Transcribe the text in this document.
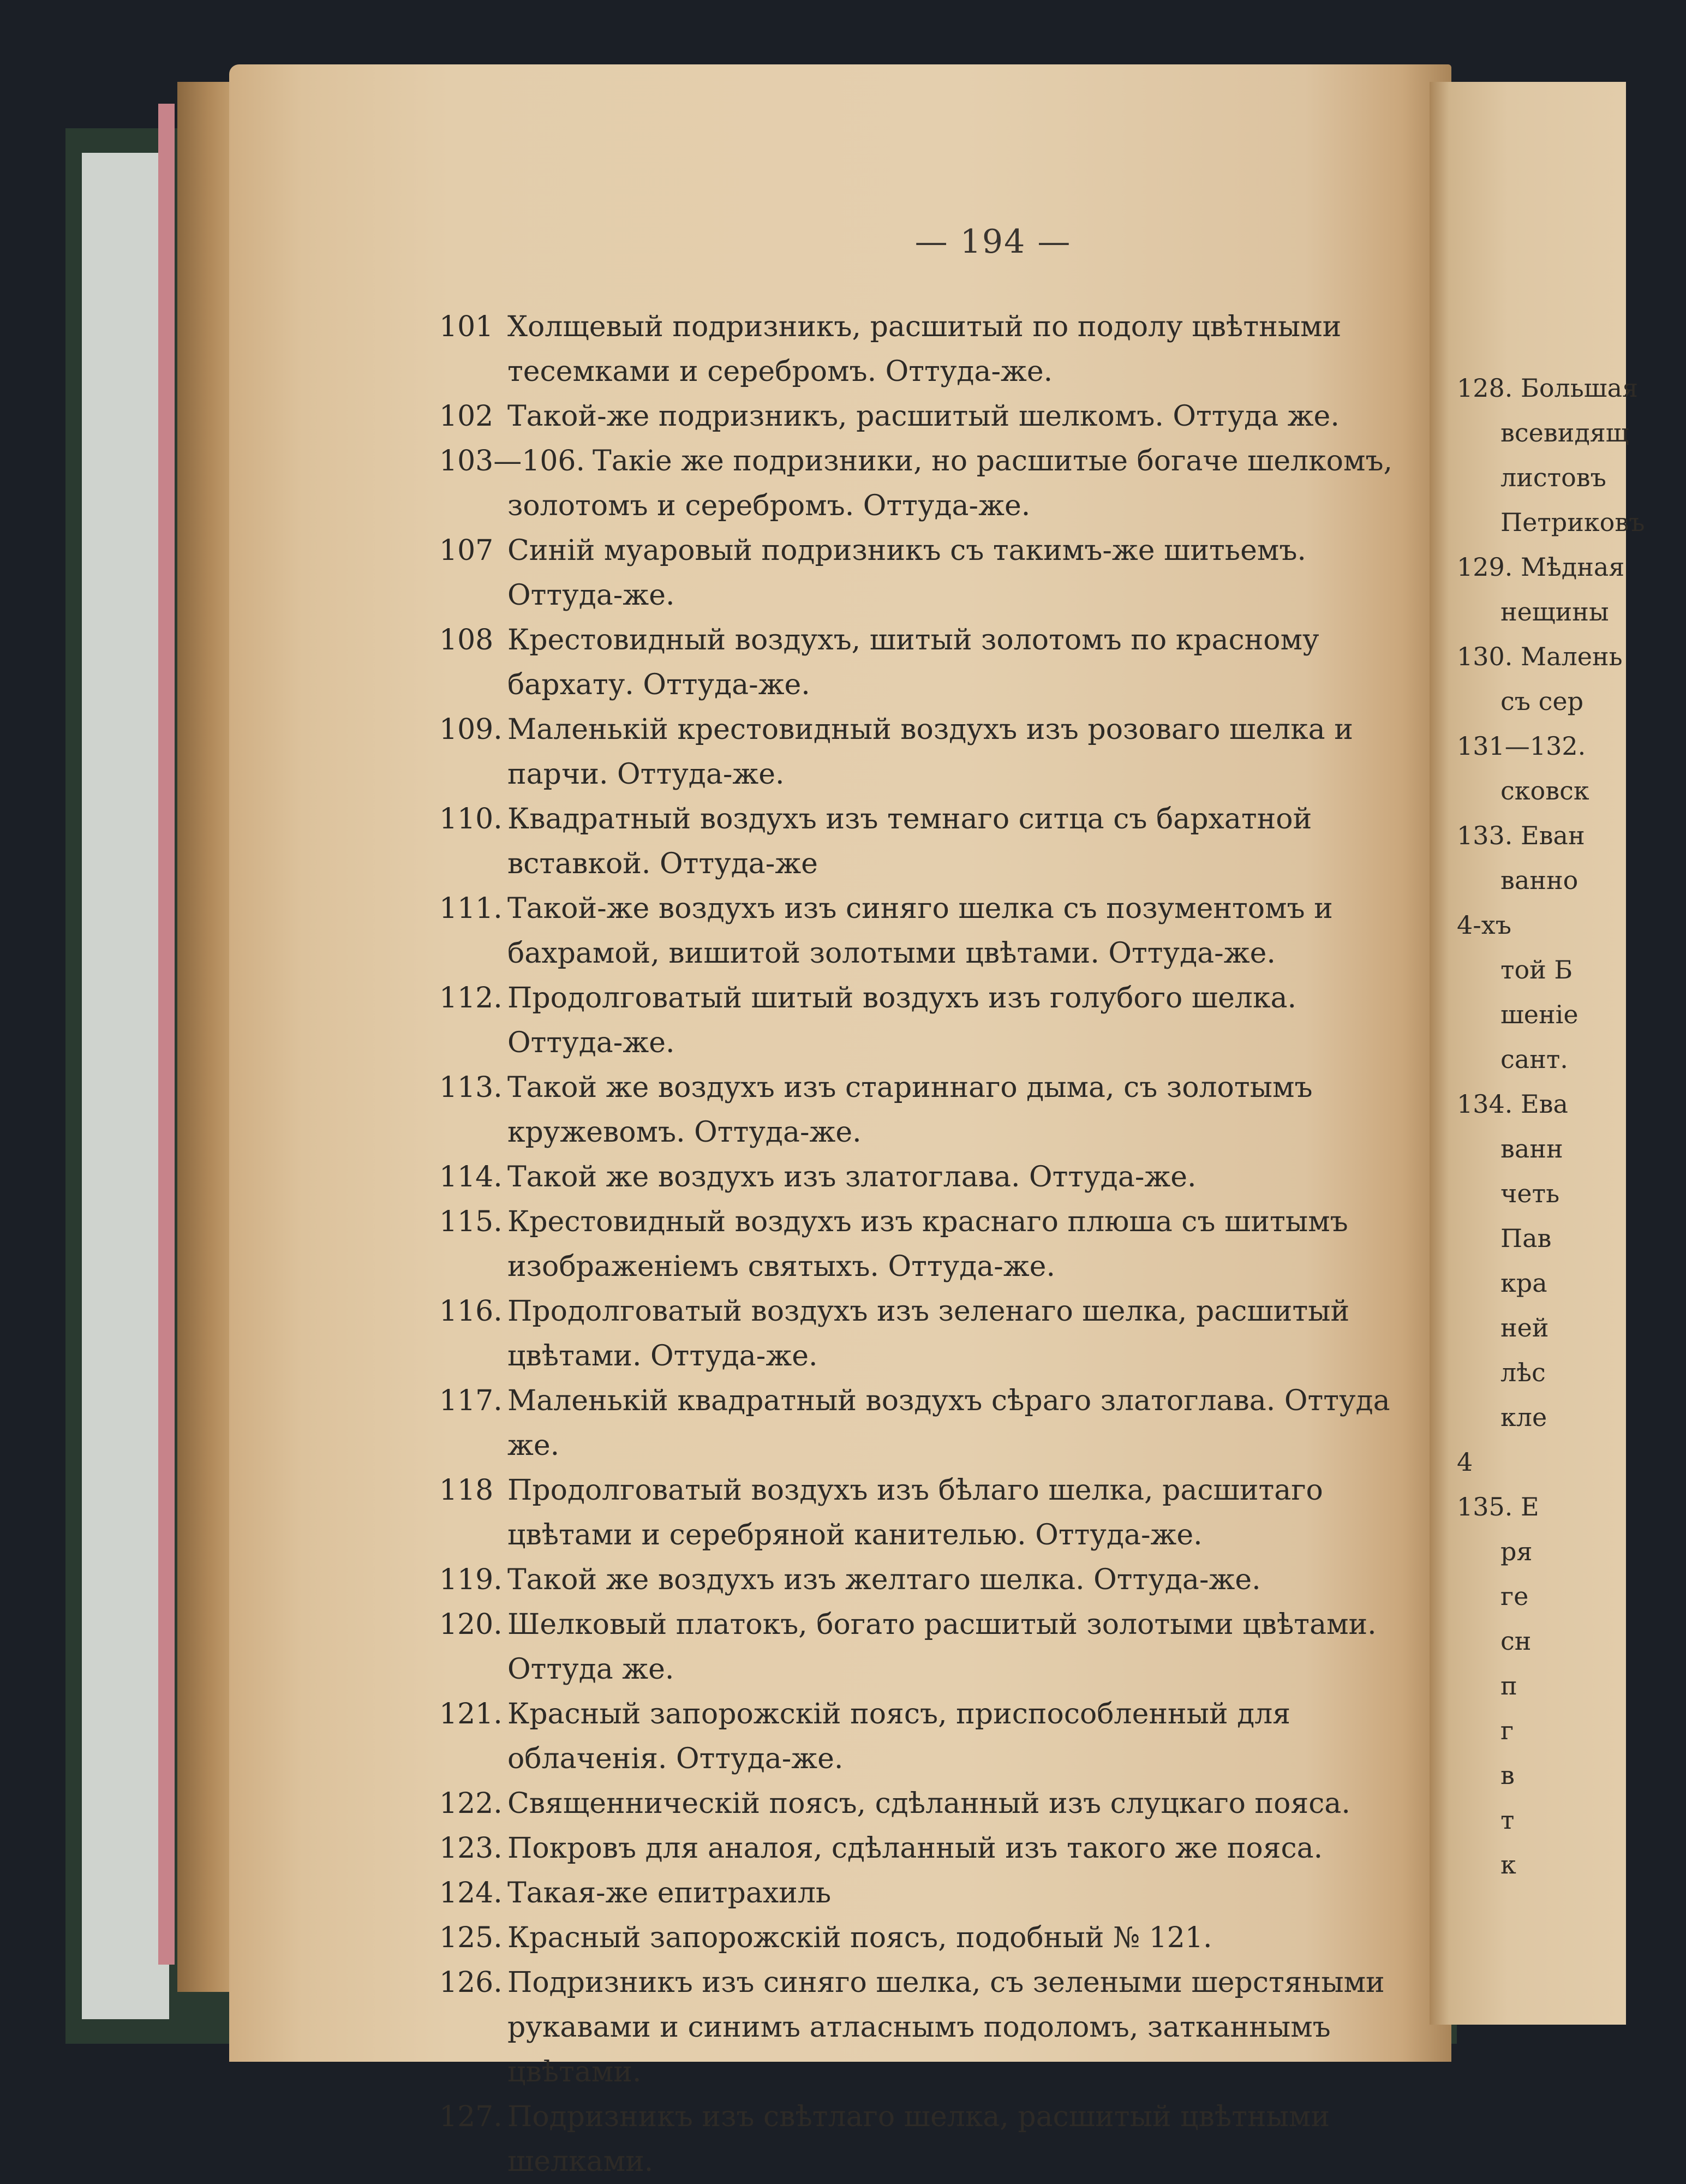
— 194 —
101 Холщевый подризникъ, расшитый по подолу цвѣтными тесемками и серебромъ. Оттуда-же.
102 Такой-же подризникъ, расшитый шелкомъ. Оттуда же.
103—106. Такіе же подризники, но расшитые богаче шелкомъ, золотомъ и серебромъ. Оттуда-же.
107 Синій муаровый подризникъ съ такимъ-же шитьемъ. Оттуда-же.
108 Крестовидный воздухъ, шитый золотомъ по красному бархату. Оттуда-же.
109. Маленькій крестовидный воздухъ изъ розоваго шелка и парчи. Оттуда-же.
110. Квадратный воздухъ изъ темнаго ситца съ бархатной вставкой. Оттуда-же
111. Такой-же воздухъ изъ синяго шелка съ позументомъ и бахрамой, вишитой золотыми цвѣтами. Оттуда-же.
112. Продолговатый шитый воздухъ изъ голубого шелка. Оттуда-же.
113. Такой же воздухъ изъ стариннаго дыма, съ золотымъ кружевомъ. Оттуда-же.
114. Такой же воздухъ изъ златоглава. Оттуда-же.
115. Крестовидный воздухъ изъ краснаго плюша съ шитымъ изображеніемъ святыхъ. Оттуда-же.
116. Продолговатый воздухъ изъ зеленаго шелка, расшитый цвѣтами. Оттуда-же.
117. Маленькій квадратный воздухъ сѣраго златоглава. Оттуда же.
118 Продолговатый воздухъ изъ бѣлаго шелка, расшитаго цвѣтами и серебряной канителью. Оттуда-же.
119. Такой же воздухъ изъ желтаго шелка. Оттуда-же.
120. Шелковый платокъ, богато расшитый золотыми цвѣтами. Оттуда же.
121. Красный запорожскій поясъ, приспособленный для облаченія. Оттуда-же.
122. Священническій поясъ, сдѣланный изъ слуцкаго пояса.
123. Покровъ для аналоя, сдѣланный изъ такого же пояса.
124. Такая-же епитрахиль
125. Красный запорожскій поясъ, подобный № 121.
126. Подризникъ изъ синяго шелка, съ зелеными шерстяными рукавами и синимъ атласнымъ подоломъ, затканнымъ цвѣтами.
127. Подризникъ изъ свѣтлаго шелка, расшитый цвѣтными шелками.
128. Большая
всевидящ
листовъ
Петриковъ
129. Мѣдная
нещины
130. Малень
съ сер
131—132.
сковск
133. Еван
ванно
4-хъ
той Б
шеніе
сант.
134. Ева
ванн
четь
Пав
кра
ней
лѣс
кле
4
135. Е
ря
ге
сн
п
г
в
т
к
